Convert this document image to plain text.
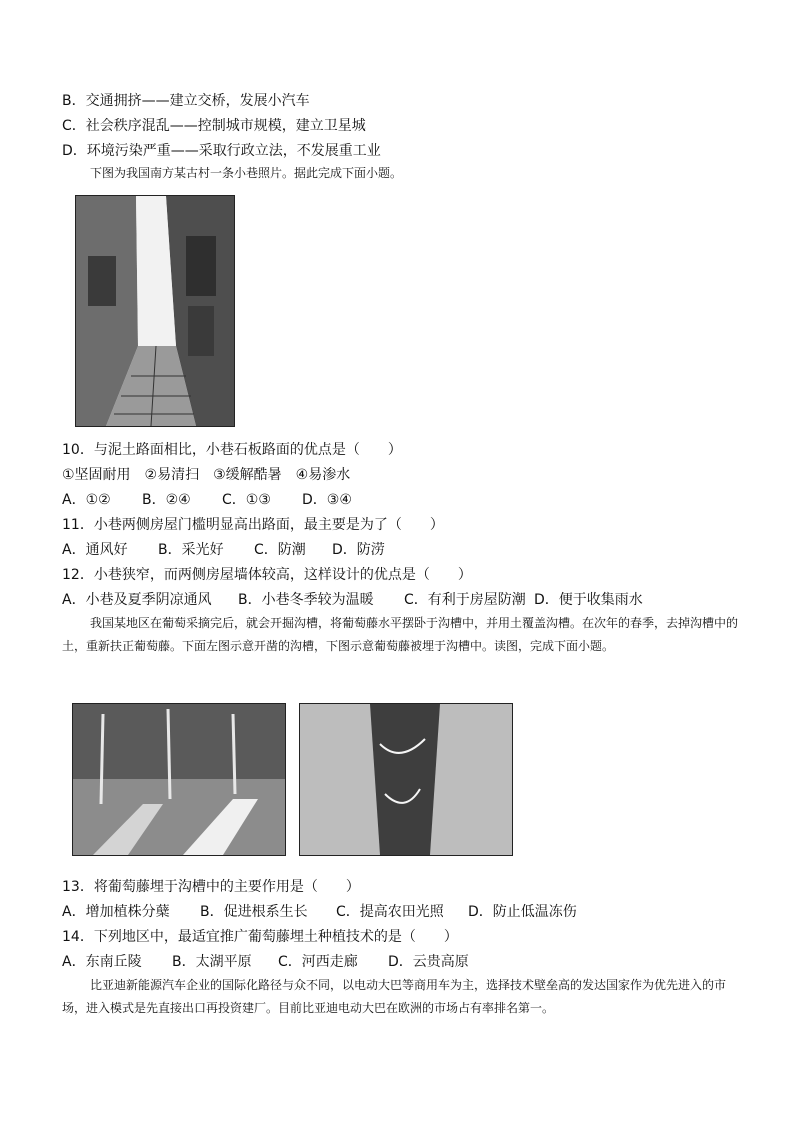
B．交通拥挤——建立交桥，发展小汽车
C．社会秩序混乱——控制城市规模，建立卫星城
D．环境污染严重——采取行政立法，不发展重工业
下图为我国南方某古村一条小巷照片。据此完成下面小题。
10．与泥土路面相比，小巷石板路面的优点是（　　）
①坚固耐用　②易清扫　③缓解酷暑　④易渗水
A．①② B．②④ C．①③ D．③④
11．小巷两侧房屋门槛明显高出路面，最主要是为了（　　）
A．通风好 B．采光好 C．防潮 D．防涝
12．小巷狭窄，而两侧房屋墙体较高，这样设计的优点是（　　）
A．小巷及夏季阴凉通风 B．小巷冬季较为温暖 C．有利于房屋防潮 D．便于收集雨水
我国某地区在葡萄采摘完后，就会开掘沟槽，将葡萄藤水平摆卧于沟槽中，并用土覆盖沟槽。在次年的春季，去掉沟槽中的土，重新扶正葡萄藤。下面左图示意开凿的沟槽，下图示意葡萄藤被埋于沟槽中。读图，完成下面小题。
13．将葡萄藤埋于沟槽中的主要作用是（　　）
A．增加植株分蘖 B．促进根系生长 C．提高农田光照 D．防止低温冻伤
14．下列地区中，最适宜推广葡萄藤埋土种植技术的是（　　）
A．东南丘陵 B．太湖平原 C．河西走廊 D．云贵高原
比亚迪新能源汽车企业的国际化路径与众不同，以电动大巴等商用车为主，选择技术壁垒高的发达国家作为优先进入的市场，进入模式是先直接出口再投资建厂。目前比亚迪电动大巴在欧洲的市场占有率排名第一。
